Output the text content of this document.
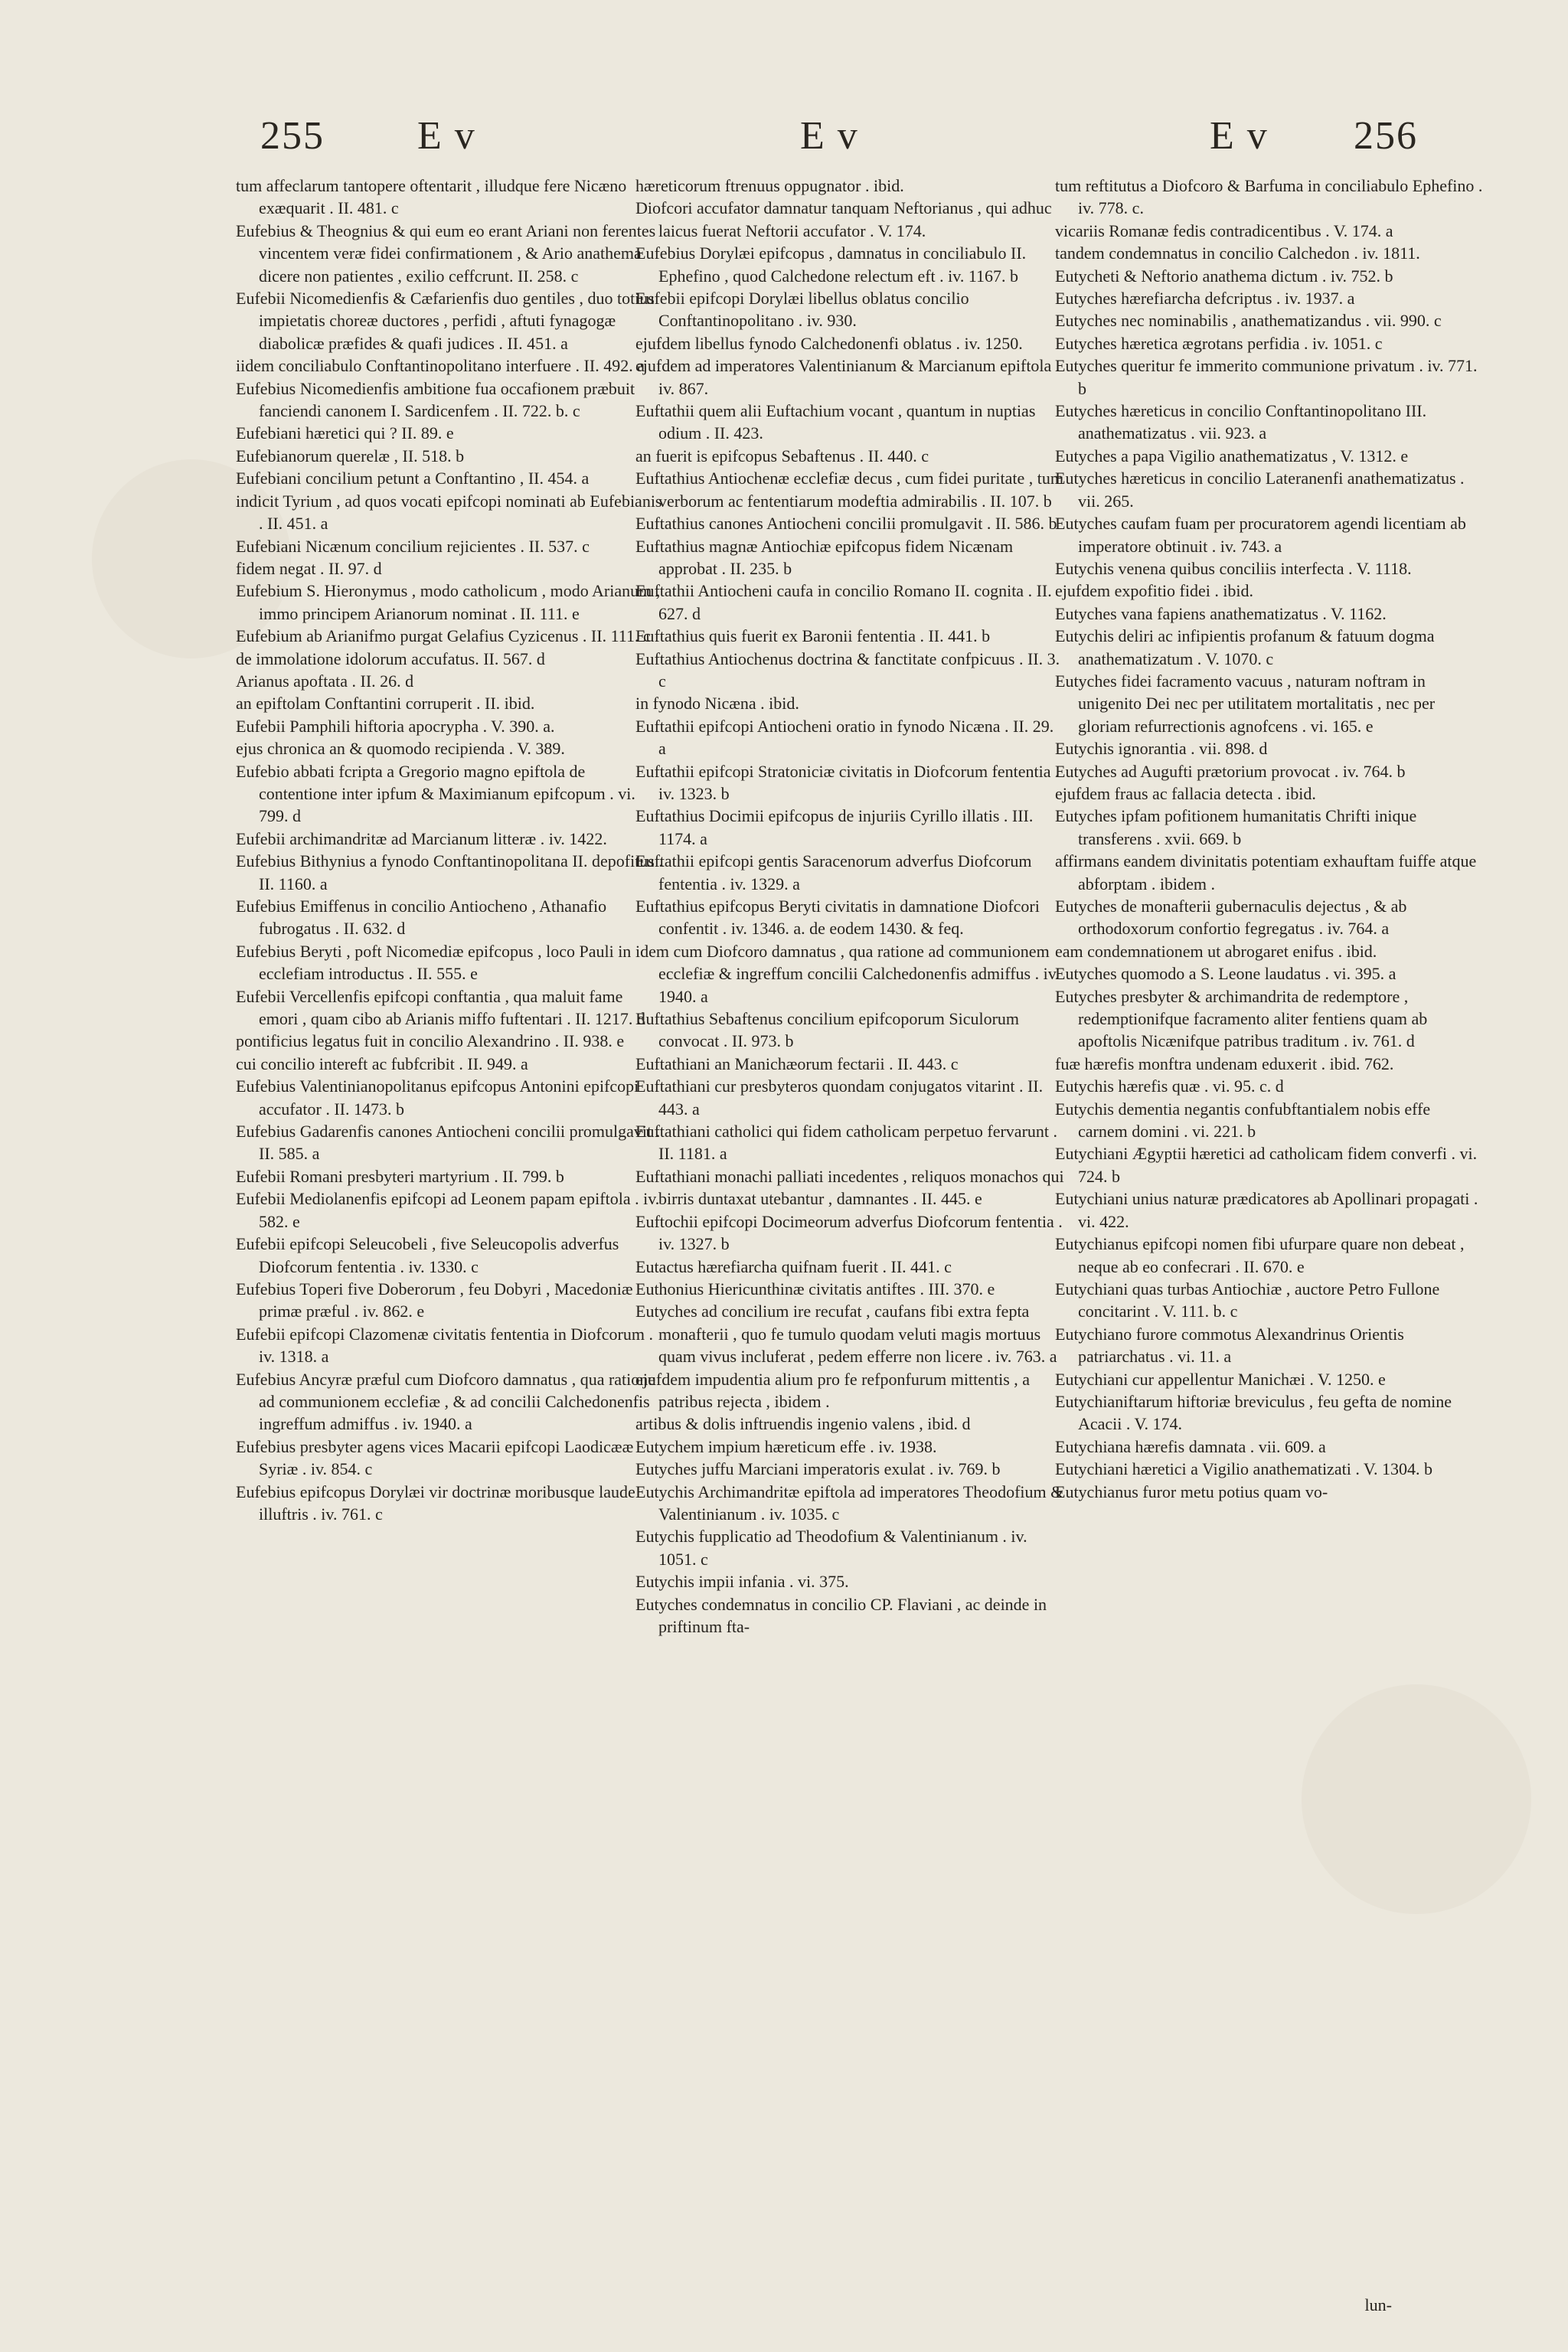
255 E v	E v	E v 256

tum affeclarum tantopere oftentarit , illudque fere Nicæno exæquarit . II. 481. c

Eufebius & Theognius & qui eum eo erant Ariani non ferentes vincentem veræ fidei confirmationem , & Ario anathema dicere non patientes , exilio ceffcrunt. II. 258. c

Eufebii Nicomedienfis & Cæfarienfis duo gentiles , duo totius impietatis choreæ ductores , perfidi , aftuti fynagogæ diabolicæ præfides & quafi judices . II. 451. a

iidem conciliabulo Conftantinopolitano interfuere . II. 492. a

Eufebius Nicomedienfis ambitione fua occafionem præbuit fanciendi canonem I. Sardicenfem . II. 722. b. c

Eufebiani hæretici qui ? II. 89. e

Eufebianorum querelæ , II. 518. b

Eufebiani concilium petunt a Conftantino , II. 454. a

indicit Tyrium , ad quos vocati epifcopi nominati ab Eufebianis . II. 451. a

Eufebiani Nicænum concilium rejicientes . II. 537. c

fidem negat . II. 97. d

Eufebium S. Hieronymus , modo catholicum , modo Arianum , immo principem Arianorum nominat . II. 111. e

Eufebium ab Arianifmo purgat Gelafius Cyzicenus . II. 111. c

de immolatione idolorum accufatus. II. 567. d

Arianus apoftata . II. 26. d

an epiftolam Conftantini corruperit . II. ibid.

Eufebii Pamphili hiftoria apocrypha . V. 390. a.

ejus chronica an & quomodo recipienda . V. 389.

Eufebio abbati fcripta a Gregorio magno epiftola de contentione inter ipfum & Maximianum epifcopum . vi. 799. d

Eufebii archimandritæ ad Marcianum litteræ . iv. 1422.

Eufebius Bithynius a fynodo Conftantinopolitana II. depofitus . II. 1160. a

Eufebius Emiffenus in concilio Antiocheno , Athanafio fubrogatus . II. 632. d

Eufebius Beryti , poft Nicomediæ epifcopus , loco Pauli in ecclefiam introductus . II. 555. e

Eufebii Vercellenfis epifcopi conftantia , qua maluit fame emori , quam cibo ab Arianis miffo fuftentari . II. 1217. d

pontificius legatus fuit in concilio Alexandrino . II. 938. e

cui concilio intereft ac fubfcribit . II. 949. a

Eufebius Valentinianopolitanus epifcopus Antonini epifcopi accufator . II. 1473. b

Eufebius Gadarenfis canones Antiocheni concilii promulgavit . II. 585. a

Eufebii Romani presbyteri martyrium . II. 799. b

Eufebii Mediolanenfis epifcopi ad Leonem papam epiftola . iv. 582. e

Eufebii epifcopi Seleucobeli , five Seleucopolis adverfus Diofcorum fententia . iv. 1330. c

Eufebius Toperi five Doberorum , feu Dobyri , Macedoniæ primæ præful . iv. 862. e

Eufebii epifcopi Clazomenæ civitatis fententia in Diofcorum . iv. 1318. a

Eufebius Ancyræ præful cum Diofcoro damnatus , qua ratione ad communionem ecclefiæ , & ad concilii Calchedonenfis ingreffum admiffus . iv. 1940. a

Eufebius presbyter agens vices Macarii epifcopi Laodicææ Syriæ . iv. 854. c

Eufebius epifcopus Dorylæi vir doctrinæ moribusque laude illuftris . iv. 761. c

hæreticorum ftrenuus oppugnator . ibid.

Diofcori accufator damnatur tanquam Neftorianus , qui adhuc laicus fuerat Neftorii accufator . V. 174.

Eufebius Dorylæi epifcopus , damnatus in conciliabulo II. Ephefino , quod Calchedone relectum eft . iv. 1167. b

Eufebii epifcopi Dorylæi libellus oblatus concilio Conftantinopolitano . iv. 930.

ejufdem libellus fynodo Calchedonenfi oblatus . iv. 1250.

ejufdem ad imperatores Valentinianum & Marcianum epiftola . iv. 867.

Euftathii quem alii Euftachium vocant , quantum in nuptias odium . II. 423.

an fuerit is epifcopus Sebaftenus . II. 440. c

Euftathius Antiochenæ ecclefiæ decus , cum fidei puritate , tum verborum ac fententiarum modeftia admirabilis . II. 107. b

Euftathius canones Antiocheni concilii promulgavit . II. 586. b

Euftathius magnæ Antiochiæ epifcopus fidem Nicænam approbat . II. 235. b

Euftathii Antiocheni caufa in concilio Romano II. cognita . II. 627. d

Euftathius quis fuerit ex Baronii fententia . II. 441. b

Euftathius Antiochenus doctrina & fanctitate confpicuus . II. 3. c

in fynodo Nicæna . ibid.

Euftathii epifcopi Antiocheni oratio in fynodo Nicæna . II. 29. a

Euftathii epifcopi Stratoniciæ civitatis in Diofcorum fententia . iv. 1323. b

Euftathius Docimii epifcopus de injuriis Cyrillo illatis . III. 1174. a

Euftathii epifcopi gentis Saracenorum adverfus Diofcorum fententia . iv. 1329. a

Euftathius epifcopus Beryti civitatis in damnatione Diofcori confentit . iv. 1346. a. de eodem 1430. & feq.

idem cum Diofcoro damnatus , qua ratione ad communionem ecclefiæ & ingreffum concilii Calchedonenfis admiffus . iv. 1940. a

Euftathius Sebaftenus concilium epifcoporum Siculorum convocat . II. 973. b

Euftathiani an Manichæorum fectarii . II. 443. c

Euftathiani cur presbyteros quondam conjugatos vitarint . II. 443. a

Euftathiani catholici qui fidem catholicam perpetuo fervarunt . II. 1181. a

Euftathiani monachi palliati incedentes , reliquos monachos qui birris duntaxat utebantur , damnantes . II. 445. e

Euftochii epifcopi Docimeorum adverfus Diofcorum fententia . iv. 1327. b

Eutactus hærefiarcha quifnam fuerit . II. 441. c

Euthonius Hiericunthinæ civitatis antiftes . III. 370. e

Eutyches ad concilium ire recufat , caufans fibi extra fepta monafterii , quo fe tumulo quodam veluti magis mortuus quam vivus incluferat , pedem efferre non licere . iv. 763. a

ejufdem impudentia alium pro fe refponfurum mittentis , a patribus rejecta , ibidem .

artibus & dolis inftruendis ingenio valens , ibid. d

Eutychem impium hæreticum effe . iv. 1938.

Eutyches juffu Marciani imperatoris exulat . iv. 769. b

Eutychis Archimandritæ epiftola ad imperatores Theodofium & Valentinianum . iv. 1035. c

Eutychis fupplicatio ad Theodofium & Valentinianum . iv. 1051. c

Eutychis impii infania . vi. 375.

Eutyches condemnatus in concilio CP. Flaviani , ac deinde in priftinum fta-

tum reftitutus a Diofcoro & Barfuma in conciliabulo Ephefino . iv. 778. c.

vicariis Romanæ fedis contradicentibus . V. 174. a

tandem condemnatus in concilio Calchedon . iv. 1811.

Eutycheti & Neftorio anathema dictum . iv. 752. b

Eutyches hærefiarcha defcriptus . iv. 1937. a

Eutyches nec nominabilis , anathematizandus . vii. 990. c

Eutyches hæretica ægrotans perfidia . iv. 1051. c

Eutyches queritur fe immerito communione privatum . iv. 771. b

Eutyches hæreticus in concilio Conftantinopolitano III. anathematizatus . vii. 923. a

Eutyches a papa Vigilio anathematizatus , V. 1312. e

Eutyches hæreticus in concilio Lateranenfi anathematizatus . vii. 265.

Eutyches caufam fuam per procuratorem agendi licentiam ab imperatore obtinuit . iv. 743. a

Eutychis venena quibus conciliis interfecta . V. 1118.

ejufdem expofitio fidei . ibid.

Eutyches vana fapiens anathematizatus . V. 1162.

Eutychis deliri ac infipientis profanum & fatuum dogma anathematizatum . V. 1070. c

Eutyches fidei facramento vacuus , naturam noftram in unigenito Dei nec per utilitatem mortalitatis , nec per gloriam refurrectionis agnofcens . vi. 165. e

Eutychis ignorantia . vii. 898. d

Eutyches ad Augufti prætorium provocat . iv. 764. b

ejufdem fraus ac fallacia detecta . ibid.

Eutyches ipfam pofitionem humanitatis Chrifti inique transferens . xvii. 669. b

affirmans eandem divinitatis potentiam exhauftam fuiffe atque abforptam . ibidem .

Eutyches de monafterii gubernaculis dejectus , & ab orthodoxorum confortio fegregatus . iv. 764. a

eam condemnationem ut abrogaret enifus . ibid.

Eutyches quomodo a S. Leone laudatus . vi. 395. a

Eutyches presbyter & archimandrita de redemptore , redemptionifque facramento aliter fentiens quam ab apoftolis Nicænifque patribus traditum . iv. 761. d

fuæ hærefis monftra undenam eduxerit . ibid. 762.

Eutychis hærefis quæ . vi. 95. c. d

Eutychis dementia negantis confubftantialem nobis effe carnem domini . vi. 221. b

Eutychiani Ægyptii hæretici ad catholicam fidem converfi . vi. 724. b

Eutychiani unius naturæ prædicatores ab Apollinari propagati . vi. 422.

Eutychianus epifcopi nomen fibi ufurpare quare non debeat , neque ab eo confecrari . II. 670. e

Eutychiani quas turbas Antiochiæ , auctore Petro Fullone concitarint . V. 111. b. c

Eutychiano furore commotus Alexandrinus Orientis patriarchatus . vi. 11. a

Eutychiani cur appellentur Manichæi . V. 1250. e

Eutychianiftarum hiftoriæ breviculus , feu gefta de nomine Acacii . V. 174.

Eutychiana hærefis damnata . vii. 609. a

Eutychiani hæretici a Vigilio anathematizati . V. 1304. b

Eutychianus furor metu potius quam vo-

lun-
